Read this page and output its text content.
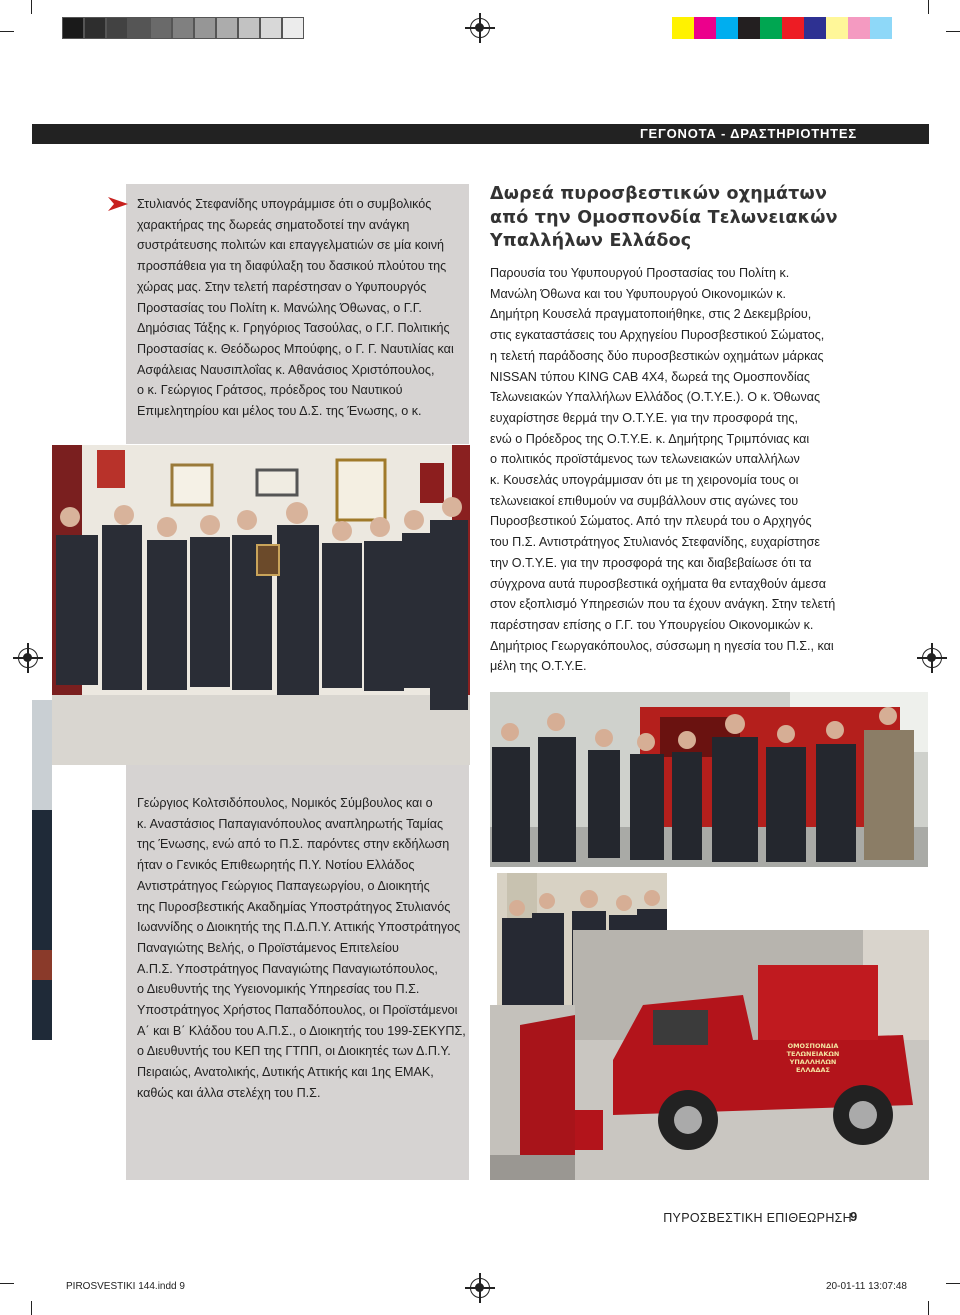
ΓΕΓΟΝΟΤΑ - ΔΡΑΣΤΗΡΙΟΤΗΤΕΣ
Στυλιανός Στεφανίδης υπογράμμισε ότι ο συμβολικός
χαρακτήρας της δωρεάς σηματοδοτεί την ανάγκη
συστράτευσης πολιτών και επαγγελματιών σε μία κοινή
προσπάθεια για τη διαφύλαξη του δασικού πλούτου της
χώρας μας. Στην τελετή παρέστησαν ο Υφυπουργός
Προστασίας του Πολίτη κ. Μανώλης Όθωνας, ο Γ.Γ.
Δημόσιας Τάξης κ. Γρηγόριος Τασούλας, ο Γ.Γ. Πολιτικής
Προστασίας κ. Θεόδωρος Μπούφης, ο Γ. Γ. Ναυτιλίας και
Ασφάλειας Ναυσιπλοΐας κ. Αθανάσιος Χριστόπουλος,
ο κ. Γεώργιος Γράτσος, πρόεδρος του Ναυτικού
Επιμελητηρίου και μέλος του Δ.Σ. της Ένωσης, ο κ.
Γεώργιος Κολτσιδόπουλος, Νομικός Σύμβουλος και ο
κ. Αναστάσιος Παπαγιανόπουλος αναπληρωτής Ταμίας
της Ένωσης, ενώ από το Π.Σ. παρόντες στην εκδήλωση
ήταν ο Γενικός Επιθεωρητής Π.Υ. Νοτίου Ελλάδος
Αντιστράτηγος Γεώργιος Παπαγεωργίου, ο Διοικητής
της Πυροσβεστικής Ακαδημίας Υποστράτηγος Στυλιανός
Ιωαννίδης ο Διοικητής της Π.Δ.Π.Υ. Αττικής Υποστράτηγος
Παναγιώτης Βελής, ο Προϊστάμενος Επιτελείου
Α.Π.Σ. Υποστράτηγος Παναγιώτης Παναγιωτόπουλος,
ο Διευθυντής της Υγειονομικής Υπηρεσίας του Π.Σ.
Υποστράτηγος Χρήστος Παπαδόπουλος, οι Προϊστάμενοι
Α΄ και Β΄ Κλάδου του Α.Π.Σ., ο Διοικητής του 199-ΣΕΚΥΠΣ,
ο Διευθυντής του ΚΕΠ της ΓΤΠΠ, οι Διοικητές των Δ.Π.Υ.
Πειραιώς, Ανατολικής, Δυτικής Αττικής και 1ης ΕΜΑΚ,
καθώς και άλλα στελέχη του Π.Σ.
Δωρεά πυροσβεστικών οχημάτων
από την Ομοσπονδία Τελωνειακών
Υπαλλήλων Ελλάδος
Παρουσία του Υφυπουργού Προστασίας του Πολίτη κ.
Μανώλη Όθωνα και του Υφυπουργού Οικονομικών κ.
Δημήτρη Κουσελά πραγματοποιήθηκε, στις 2 Δεκεμβρίου,
στις εγκαταστάσεις του Αρχηγείου Πυροσβεστικού Σώματος,
η τελετή παράδοσης δύο πυροσβεστικών οχημάτων μάρκας
NISSAN τύπου KING CAB 4X4, δωρεά της Ομοσπονδίας
Τελωνειακών Υπαλλήλων Ελλάδος (Ο.Τ.Υ.Ε.). Ο κ. Όθωνας
ευχαρίστησε θερμά την Ο.Τ.Υ.Ε. για την προσφορά της,
ενώ ο Πρόεδρος της Ο.Τ.Υ.Ε. κ. Δημήτρης Τριμπόνιας και
ο πολιτικός προϊστάμενος των τελωνειακών υπαλλήλων
κ. Κουσελάς υπογράμμισαν ότι με τη χειρονομία τους οι
τελωνειακοί επιθυμούν να συμβάλλουν στις αγώνες του
Πυροσβεστικού Σώματος. Από την πλευρά του ο Αρχηγός
του Π.Σ. Αντιστράτηγος Στυλιανός Στεφανίδης, ευχαρίστησε
την Ο.Τ.Υ.Ε. για την προσφορά της και διαβεβαίωσε ότι τα
σύγχρονα αυτά πυροσβεστικά οχήματα θα ενταχθούν άμεσα
στον εξοπλισμό Υπηρεσιών που τα έχουν ανάγκη. Στην τελετή
παρέστησαν επίσης ο Γ.Γ. του Υπουργείου Οικονομικών κ.
Δημήτριος Γεωργακόπουλος, σύσσωμη η ηγεσία του Π.Σ., και
μέλη της Ο.Τ.Υ.Ε.
ΟΜΟΣΠΟΝΔΙΑ
ΤΕΛΩΝΕΙΑΚΩΝ
ΥΠΑΛΛΗΛΩΝ
ΕΛΛΑΔΑΣ
ΠΥΡΟΣΒΕΣΤΙΚΗ ΕΠΙΘΕΩΡΗΣΗ
9
PIROSVESTIKI 144.indd 9	20-01-11 13:07:48
